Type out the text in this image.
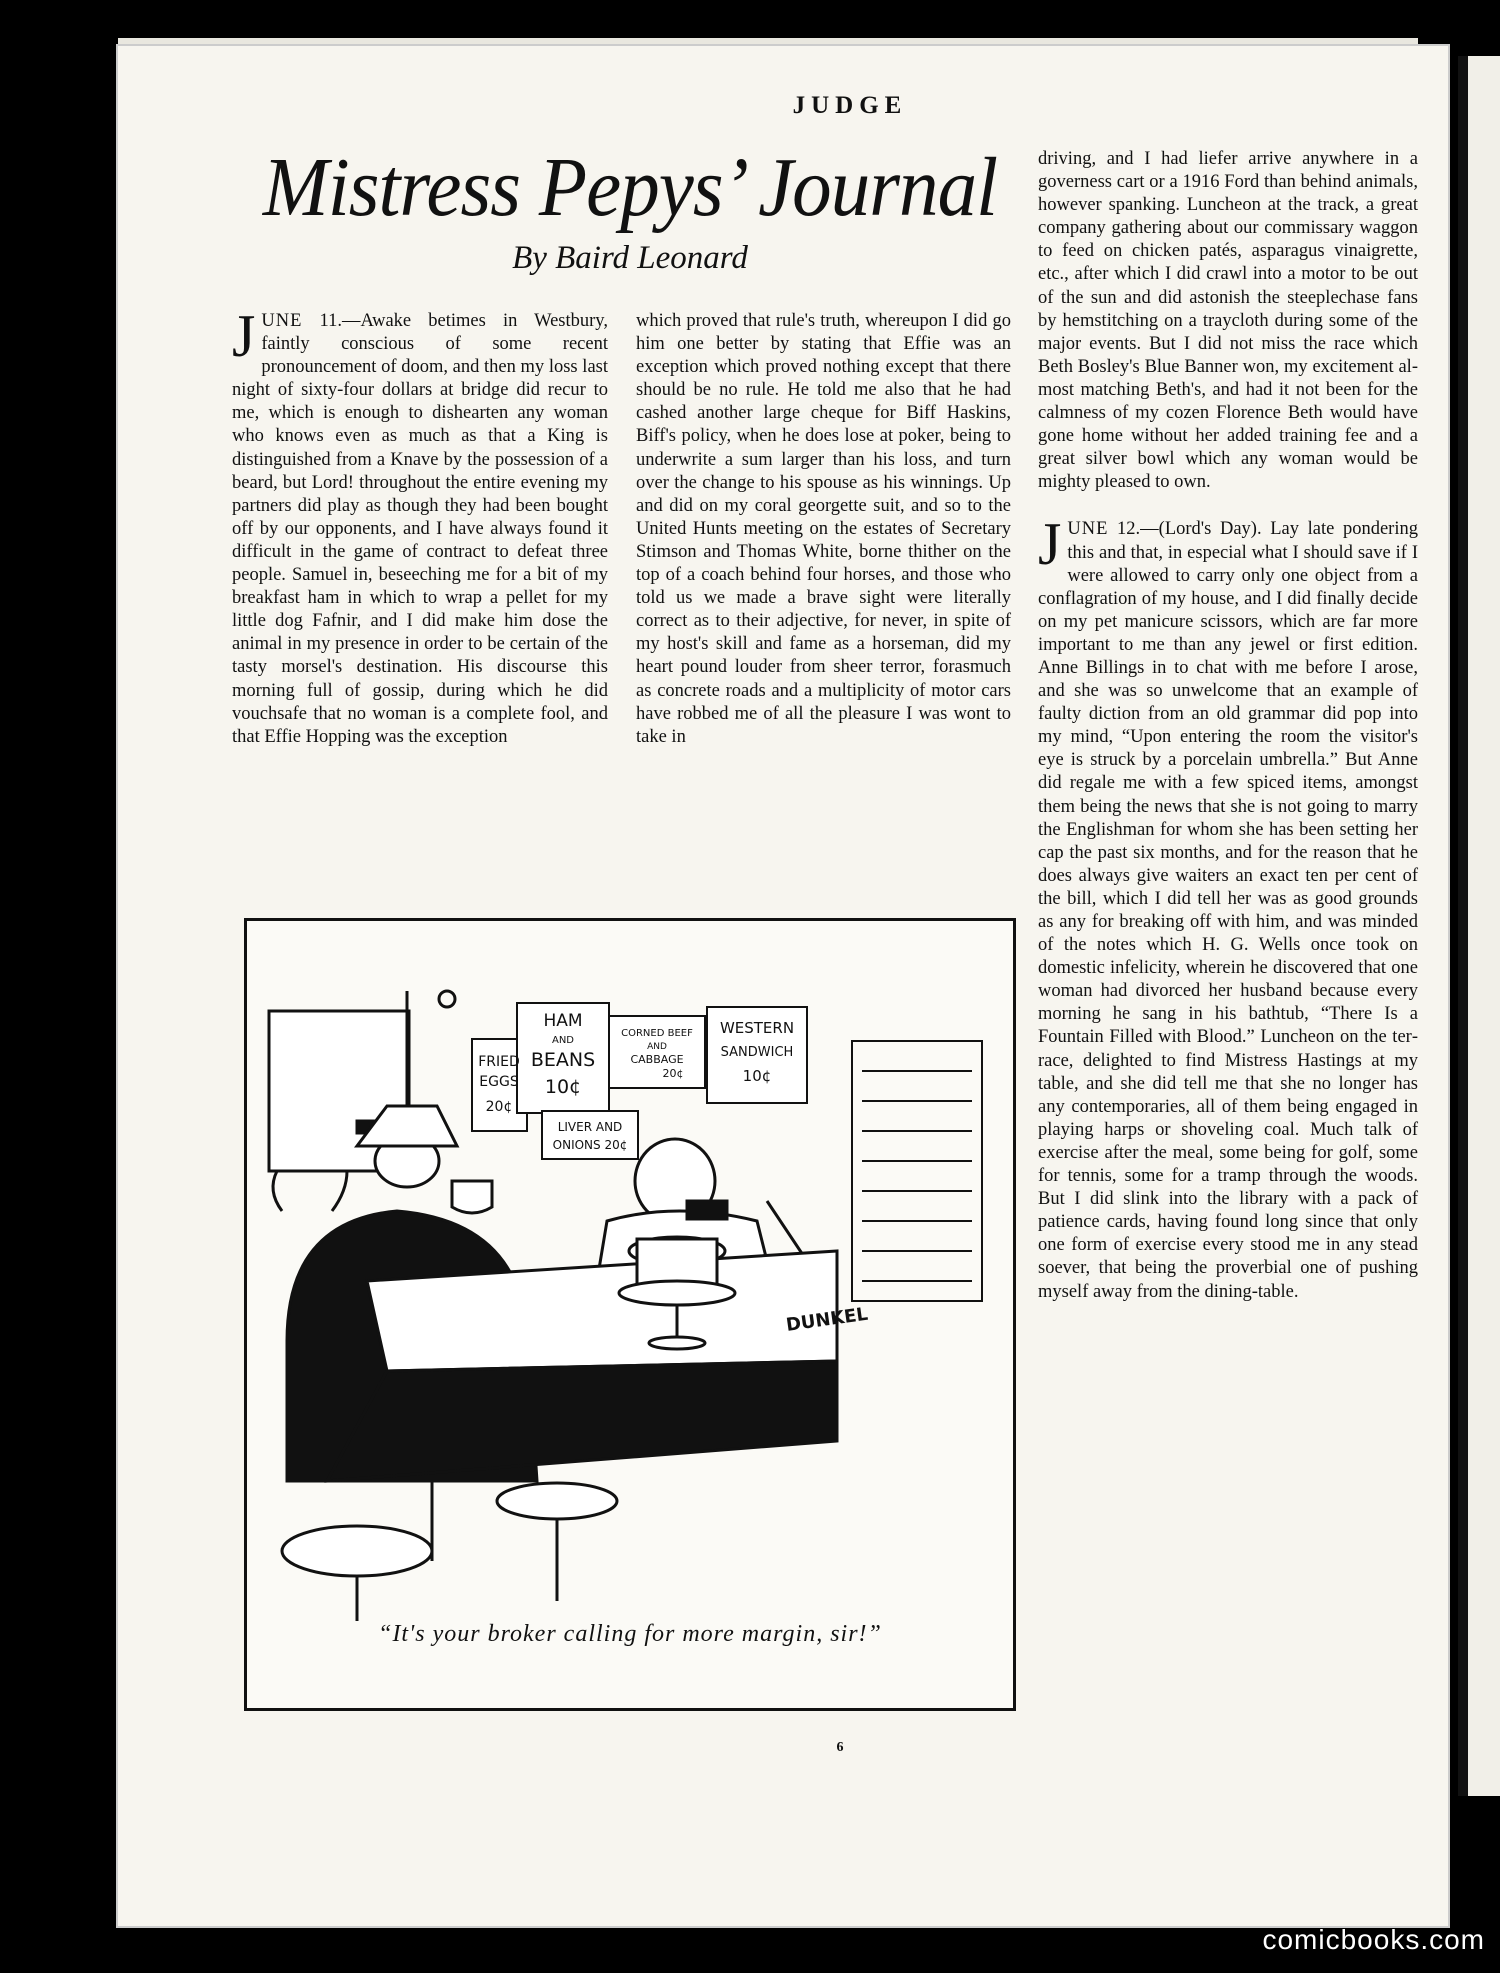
JUDGE
Mistress Pepys’ Journal
By Baird Leonard

JUNE 11.—Awake betimes in Westbury, faintly conscious of some recent pronouncement of doom, and then my loss last night of sixty-four dollars at bridge did recur to me, which is enough to dishearten any woman who knows even as much as that a King is distinguished from a Knave by the possession of a beard, but Lord! throughout the entire evening my partners did play as though they had been bought off by our opponents, and I have always found it difficult in the game of contract to defeat three people. Samuel in, beseeching me for a bit of my breakfast ham in which to wrap a pellet for my little dog Fafnir, and I did make him dose the animal in my presence in order to be certain of the tasty morsel's destination. His discourse this morning full of gossip, during which he did vouchsafe that no woman is a complete fool, and that Effie Hopping was the exception

which proved that rule's truth, whereupon I did go him one better by stating that Effie was an exception which proved nothing except that there should be no rule. He told me also that he had cashed another large cheque for Biff Haskins, Biff's policy, when he does lose at poker, being to underwrite a sum larger than his loss, and turn over the change to his spouse as his winnings. Up and did on my coral georgette suit, and so to the United Hunts meeting on the estates of Secretary Stimson and Thomas White, borne thither on the top of a coach behind four horses, and those who told us we made a brave sight were literally correct as to their adjective, for never, in spite of my host's skill and fame as a horseman, did my heart pound louder from sheer terror, forasmuch as concrete roads and a multiplicity of motor cars have robbed me of all the pleasure I was wont to take in

driving, and I had liefer arrive anywhere in a governess cart or a 1916 Ford than behind animals, however spanking. Luncheon at the track, a great company gathering about our commissary waggon to feed on chicken patés, asparagus vinaigrette, etc., after which I did crawl into a motor to be out of the sun and did astonish the steeplechase fans by hemstitching on a traycloth during some of the major events. But I did not miss the race which Beth Bosley's Blue Banner won, my excitement almost matching Beth's, and had it not been for the calmness of my cozen Florence Beth would have gone home without her added training fee and a great silver bowl which any woman would be mighty pleased to own.

JUNE 12.—(Lord's Day). Lay late pondering this and that, in especial what I should save if I were allowed to carry only one object from a conflagration of my house, and I did finally decide on my pet manicure scissors, which are far more important to me than any jewel or first edition. Anne Billings in to chat with me before I arose, and she was so unwelcome that an example of faulty diction from an old grammar did pop into my mind, “Upon entering the room the visitor's eye is struck by a porcelain umbrella.” But Anne did regale me with a few spiced items, amongst them being the news that she is not going to marry the Englishman for whom she has been setting her cap the past six months, and for the reason that he does always give waiters an exact ten per cent of the bill, which I did tell her was as good grounds as any for breaking off with him, and was minded of the notes which H. G. Wells once took on domestic infelicity, wherein he discovered that one woman had divorced her husband because every morning he sang in his bathtub, “There Is a Fountain Filled with Blood.” Luncheon on the terrace, delighted to find Mistress Hastings at my table, and she did tell me that she no longer has any contemporaries, all of them being engaged in playing harps or shoveling coal. Much talk of exercise after the meal, some being for golf, some for tennis, some for a tramp through the woods. But I did slink into the library with a pack of patience cards, having found long since that only one form of exercise every stood me in any stead soever, that being the proverbial one of pushing myself away from the dining-table.

FRIED
EGGS
20¢
HAM
AND
BEANS
10¢
CORNED BEEF
AND
CABBAGE
20¢
WESTERN
SANDWICH
10¢
LIVER AND
ONIONS 20¢
DUNKEL
“It's your broker calling for more margin, sir!”
6
comicbooks.com
